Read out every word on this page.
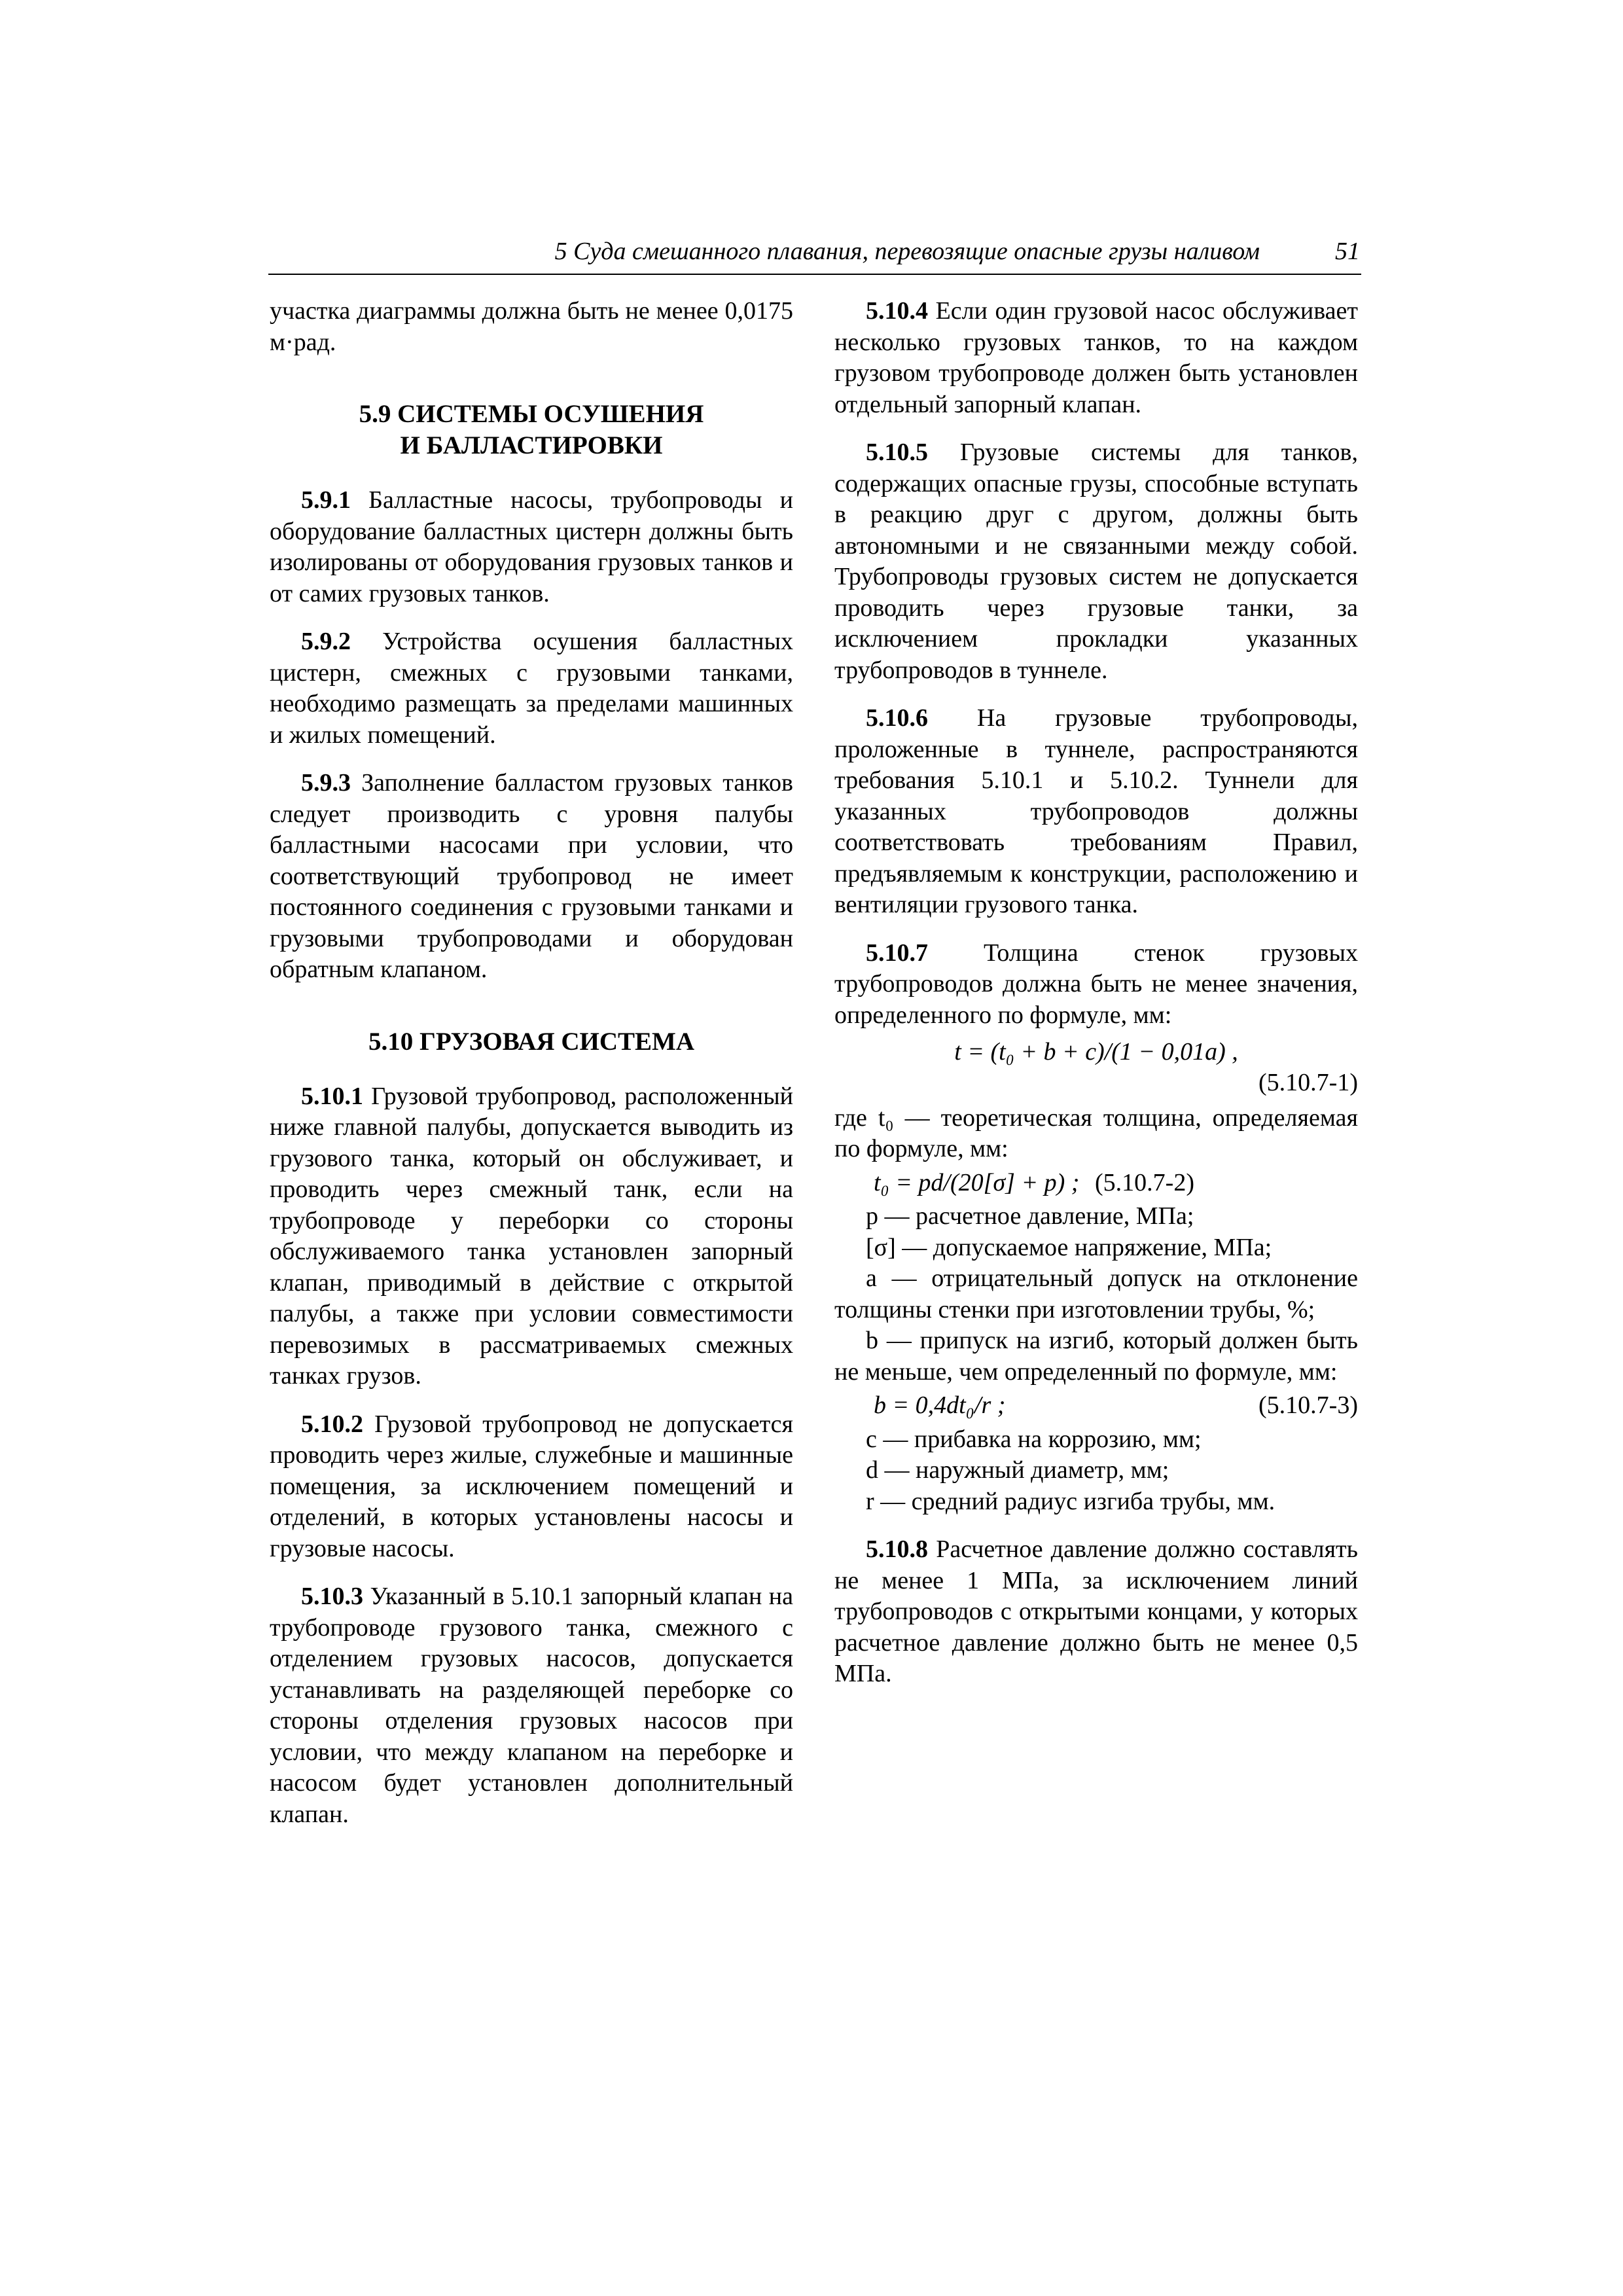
5 Суда смешанного плавания, перевозящие опасные грузы наливом	51

участка диаграммы должна быть не менее 0,0175 м·рад.

5.9 СИСТЕМЫ ОСУШЕНИЯ
И БАЛЛАСТИРОВКИ

5.9.1 Балластные насосы, трубопроводы и оборудование балластных цистерн должны быть изолированы от оборудования грузовых танков и от самих грузовых танков.

5.9.2 Устройства осушения балластных цистерн, смежных с грузовыми танками, необходимо размещать за пределами машинных и жилых помещений.

5.9.3 Заполнение балластом грузовых танков следует производить с уровня палубы балластными насосами при условии, что соответствующий трубопровод не имеет постоянного соединения с грузовыми танками и грузовыми трубопроводами и оборудован обратным клапаном.

5.10 ГРУЗОВАЯ СИСТЕМА

5.10.1 Грузовой трубопровод, расположенный ниже главной палубы, допускается выводить из грузового танка, который он обслуживает, и проводить через смежный танк, если на трубопроводе у переборки со стороны обслуживаемого танка установлен запорный клапан, приводимый в действие с открытой палубы, а также при условии совместимости перевозимых в рассматриваемых смежных танках грузов.

5.10.2 Грузовой трубопровод не допускается проводить через жилые, служебные и машинные помещения, за исключением помещений и отделений, в которых установлены насосы и грузовые насосы.

5.10.3 Указанный в 5.10.1 запорный клапан на трубопроводе грузового танка, смежного с отделением грузовых насосов, допускается устанавливать на разделяющей переборке со стороны отделения грузовых насосов при условии, что между клапаном на переборке и насосом будет установлен дополнительный клапан.

5.10.4 Если один грузовой насос обслуживает несколько грузовых танков, то на каждом грузовом трубопроводе должен быть установлен отдельный запорный клапан.

5.10.5 Грузовые системы для танков, содержащих опасные грузы, способные вступать в реакцию друг с другом, должны быть автономными и не связанными между собой. Трубопроводы грузовых систем не допускается проводить через грузовые танки, за исключением прокладки указанных трубопроводов в туннеле.

5.10.6 На грузовые трубопроводы, проложенные в туннеле, распространяются требования 5.10.1 и 5.10.2. Туннели для указанных трубопроводов должны соответствовать требованиям Правил, предъявляемым к конструкции, расположению и вентиляции грузового танка.

5.10.7 Толщина стенок грузовых трубопроводов должна быть не менее значения, определенного по формуле, мм:

t = (t₀ + b + c)/(1 − 0,01a) ,
(5.10.7-1)

где t₀ — теоретическая толщина, определяемая по формуле, мм:

t₀ = pd/(20[σ] + p) ; (5.10.7-2)

p — расчетное давление, МПа;

[σ] — допускаемое напряжение, МПа;

a — отрицательный допуск на отклонение толщины стенки при изготовлении трубы, %;

b — припуск на изгиб, который должен быть не меньше, чем определенный по формуле, мм:

b = 0,4dt₀/r ;	(5.10.7-3)

c — прибавка на коррозию, мм;

d — наружный диаметр, мм;

r — средний радиус изгиба трубы, мм.

5.10.8 Расчетное давление должно составлять не менее 1 МПа, за исключением линий трубопроводов с открытыми концами, у которых расчетное давление должно быть не менее 0,5 МПа.
